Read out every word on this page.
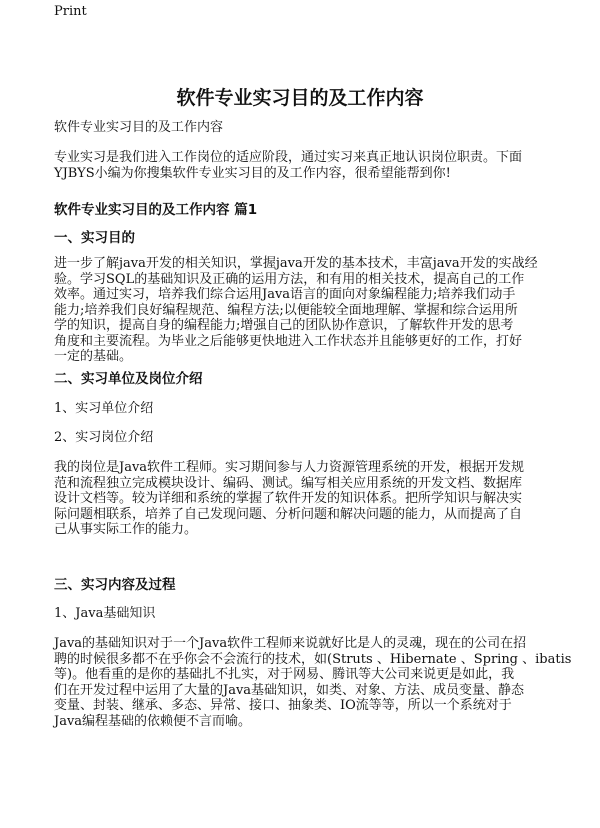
Print
软件专业实习目的及工作内容
软件专业实习目的及工作内容
专业实习是我们进入工作岗位的适应阶段，通过实习来真正地认识岗位职责。下面
YJBYS小编为你搜集软件专业实习目的及工作内容，很希望能帮到你!
软件专业实习目的及工作内容 篇1
一、实习目的
进一步了解java开发的相关知识，掌握java开发的基本技术，丰富java开发的实战经
验。学习SQL的基础知识及正确的运用方法，和有用的相关技术，提高自己的工作
效率。通过实习，培养我们综合运用Java语言的面向对象编程能力;培养我们动手
能力;培养我们良好编程规范、编程方法;以便能较全面地理解、掌握和综合运用所
学的知识，提高自身的编程能力;增强自己的团队协作意识，了解软件开发的思考
角度和主要流程。为毕业之后能够更快地进入工作状态并且能够更好的工作，打好
一定的基础。
二、实习单位及岗位介绍
1、实习单位介绍
2、实习岗位介绍
我的岗位是Java软件工程师。实习期间参与人力资源管理系统的开发，根据开发规
范和流程独立完成模块设计、编码、测试。编写相关应用系统的开发文档、数据库
设计文档等。较为详细和系统的掌握了软件开发的知识体系。把所学知识与解决实
际问题相联系，培养了自己发现问题、分析问题和解决问题的能力，从而提高了自
己从事实际工作的能力。
三、实习内容及过程
1、Java基础知识
Java的基础知识对于一个Java软件工程师来说就好比是人的灵魂，现在的公司在招
聘的时候很多都不在乎你会不会流行的技术，如(Struts 、Hibernate 、Spring 、ibatis
等)。他看重的是你的基础扎不扎实，对于网易、腾讯等大公司来说更是如此，我
们在开发过程中运用了大量的Java基础知识，如类、对象、方法、成员变量、静态
变量、封装、继承、多态、异常、接口、抽象类、IO流等等，所以一个系统对于
Java编程基础的依赖便不言而喻。
